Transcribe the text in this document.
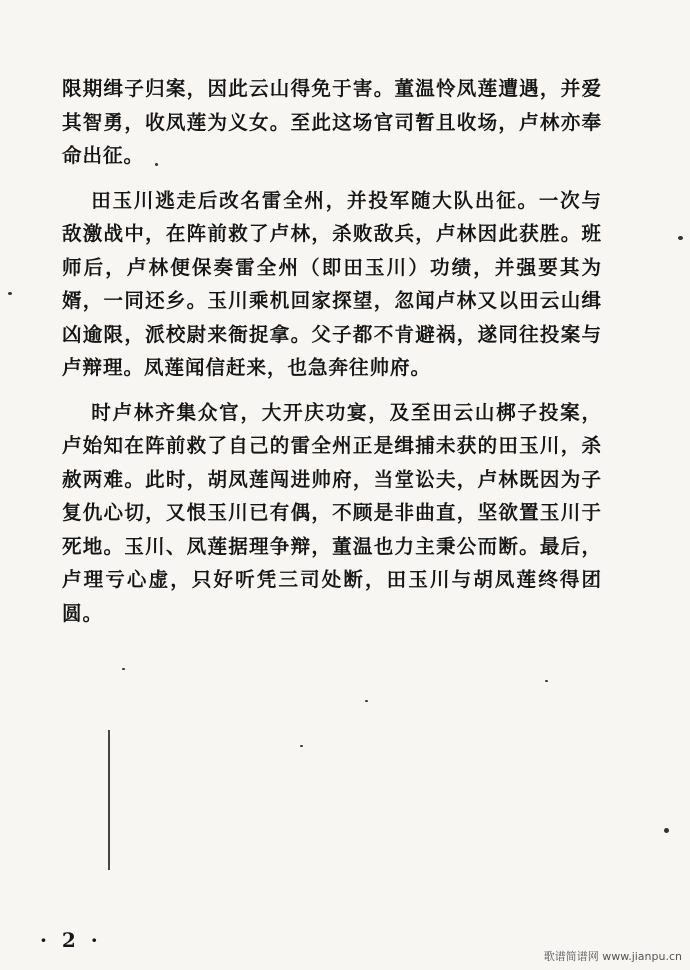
限期缉子归案，因此云山得免于害。董温怜凤莲遭遇，并爱其智勇，收凤莲为义女。至此这场官司暂且收场，卢林亦奉命出征。

田玉川逃走后改名雷全州，并投军随大队出征。一次与敌激战中，在阵前救了卢林，杀败敌兵，卢林因此获胜。班师后，卢林便保奏雷全州（即田玉川）功绩，并强要其为婿，一同还乡。玉川乘机回家探望，忽闻卢林又以田云山缉凶逾限，派校尉来衙捉拿。父子都不肯避祸，遂同往投案与卢辩理。凤莲闻信赶来，也急奔往帅府。

时卢林齐集众官，大开庆功宴，及至田云山梆子投案，卢始知在阵前救了自己的雷全州正是缉捕未获的田玉川，杀赦两难。此时，胡凤莲闯进帅府，当堂讼夫，卢林既因为子复仇心切，又恨玉川已有偶，不顾是非曲直，坚欲置玉川于死地。玉川、凤莲据理争辩，董温也力主秉公而断。最后，卢理亏心虚，只好听凭三司处断，田玉川与胡凤莲终得团圆。

· 2 ·
歌谱简谱网 www.jianpu.cn
